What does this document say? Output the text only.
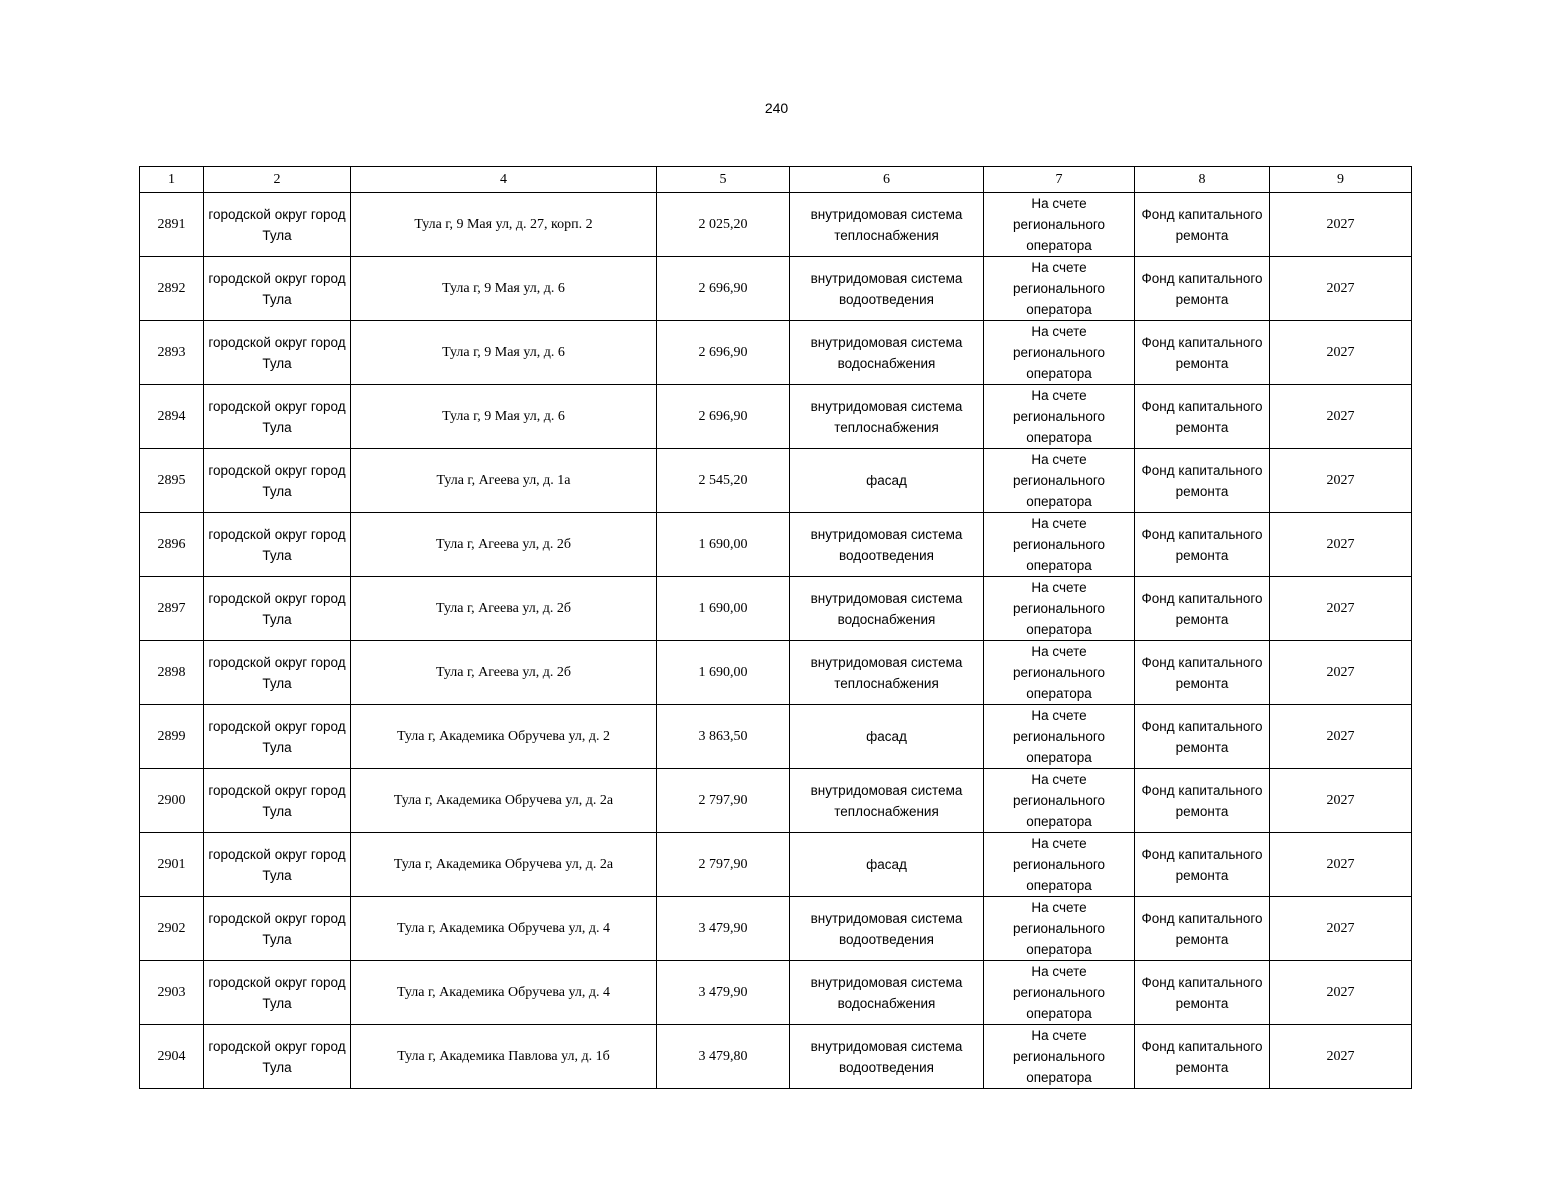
240
1	2	4	5	6	7	8	9
2891	городской округ город Тула	Тула г, 9 Мая ул, д. 27, корп. 2	2 025,20	внутридомовая система теплоснабжения	На счете регионального оператора	Фонд капитального ремонта	2027
2892	городской округ город Тула	Тула г, 9 Мая ул, д. 6	2 696,90	внутридомовая система водоотведения	На счете регионального оператора	Фонд капитального ремонта	2027
2893	городской округ город Тула	Тула г, 9 Мая ул, д. 6	2 696,90	внутридомовая система водоснабжения	На счете регионального оператора	Фонд капитального ремонта	2027
2894	городской округ город Тула	Тула г, 9 Мая ул, д. 6	2 696,90	внутридомовая система теплоснабжения	На счете регионального оператора	Фонд капитального ремонта	2027
2895	городской округ город Тула	Тула г, Агеева ул, д. 1а	2 545,20	фасад	На счете регионального оператора	Фонд капитального ремонта	2027
2896	городской округ город Тула	Тула г, Агеева ул, д. 2б	1 690,00	внутридомовая система водоотведения	На счете регионального оператора	Фонд капитального ремонта	2027
2897	городской округ город Тула	Тула г, Агеева ул, д. 2б	1 690,00	внутридомовая система водоснабжения	На счете регионального оператора	Фонд капитального ремонта	2027
2898	городской округ город Тула	Тула г, Агеева ул, д. 2б	1 690,00	внутридомовая система теплоснабжения	На счете регионального оператора	Фонд капитального ремонта	2027
2899	городской округ город Тула	Тула г, Академика Обручева ул, д. 2	3 863,50	фасад	На счете регионального оператора	Фонд капитального ремонта	2027
2900	городской округ город Тула	Тула г, Академика Обручева ул, д. 2а	2 797,90	внутридомовая система теплоснабжения	На счете регионального оператора	Фонд капитального ремонта	2027
2901	городской округ город Тула	Тула г, Академика Обручева ул, д. 2а	2 797,90	фасад	На счете регионального оператора	Фонд капитального ремонта	2027
2902	городской округ город Тула	Тула г, Академика Обручева ул, д. 4	3 479,90	внутридомовая система водоотведения	На счете регионального оператора	Фонд капитального ремонта	2027
2903	городской округ город Тула	Тула г, Академика Обручева ул, д. 4	3 479,90	внутридомовая система водоснабжения	На счете регионального оператора	Фонд капитального ремонта	2027
2904	городской округ город Тула	Тула г, Академика Павлова ул, д. 1б	3 479,80	внутридомовая система водоотведения	На счете регионального оператора	Фонд капитального ремонта	2027
